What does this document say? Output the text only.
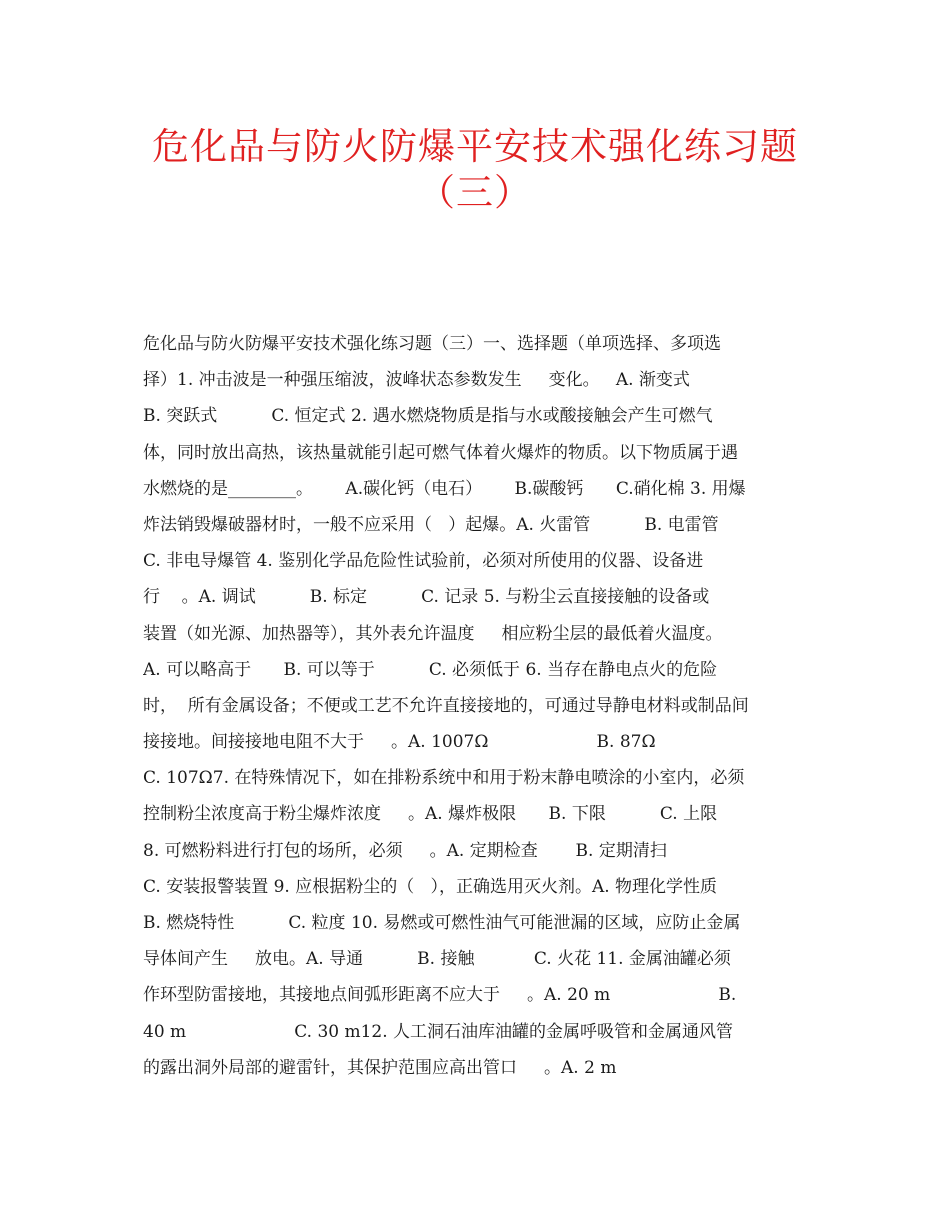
危化品与防火防爆平安技术强化练习题
（三）
危化品与防火防爆平安技术强化练习题（三）一、选择题（单项选择、多项选
择）1. 冲击波是一种强压缩波，波峰状态参数发生     变化。   A. 渐变式
B. 突跃式          C. 恒定式 2. 遇水燃烧物质是指与水或酸接触会产生可燃气
体，同时放出高热，该热量就能引起可燃气体着火爆炸的物质。以下物质属于遇
水燃烧的是________。      A.碳化钙（电石）      B.碳酸钙      C.硝化棉 3. 用爆
炸法销毁爆破器材时，一般不应采用（   ）起爆。A. 火雷管          B. 电雷管
C. 非电导爆管 4. 鉴别化学品危险性试验前，必须对所使用的仪器、设备进
行    。A. 调试          B. 标定          C. 记录 5. 与粉尘云直接接触的设备或
装置（如光源、加热器等），其外表允许温度     相应粉尘层的最低着火温度。
A. 可以略高于      B. 可以等于          C. 必须低于 6. 当存在静电点火的危险
时，  所有金属设备；不便或工艺不允许直接接地的，可通过导静电材料或制品间
接接地。间接接地电阻不大于     。A. 1007Ω                    B. 87Ω
C. 107Ω7. 在特殊情况下，如在排粉系统中和用于粉末静电喷涂的小室内，必须
控制粉尘浓度高于粉尘爆炸浓度     。A. 爆炸极限      B. 下限          C. 上限
8. 可燃粉料进行打包的场所，必须     。A. 定期检查       B. 定期清扫
C. 安装报警装置 9. 应根据粉尘的（   ），正确选用灭火剂。A. 物理化学性质
B. 燃烧特性          C. 粒度 10. 易燃或可燃性油气可能泄漏的区域，应防止金属
导体间产生     放电。A. 导通          B. 接触           C. 火花 11. 金属油罐必须
作环型防雷接地，其接地点间弧形距离不应大于     。A. 20 m                    B.
40 m                    C. 30 m12. 人工洞石油库油罐的金属呼吸管和金属通风管
的露出洞外局部的避雷针，其保护范围应高出管口     。A. 2 m
